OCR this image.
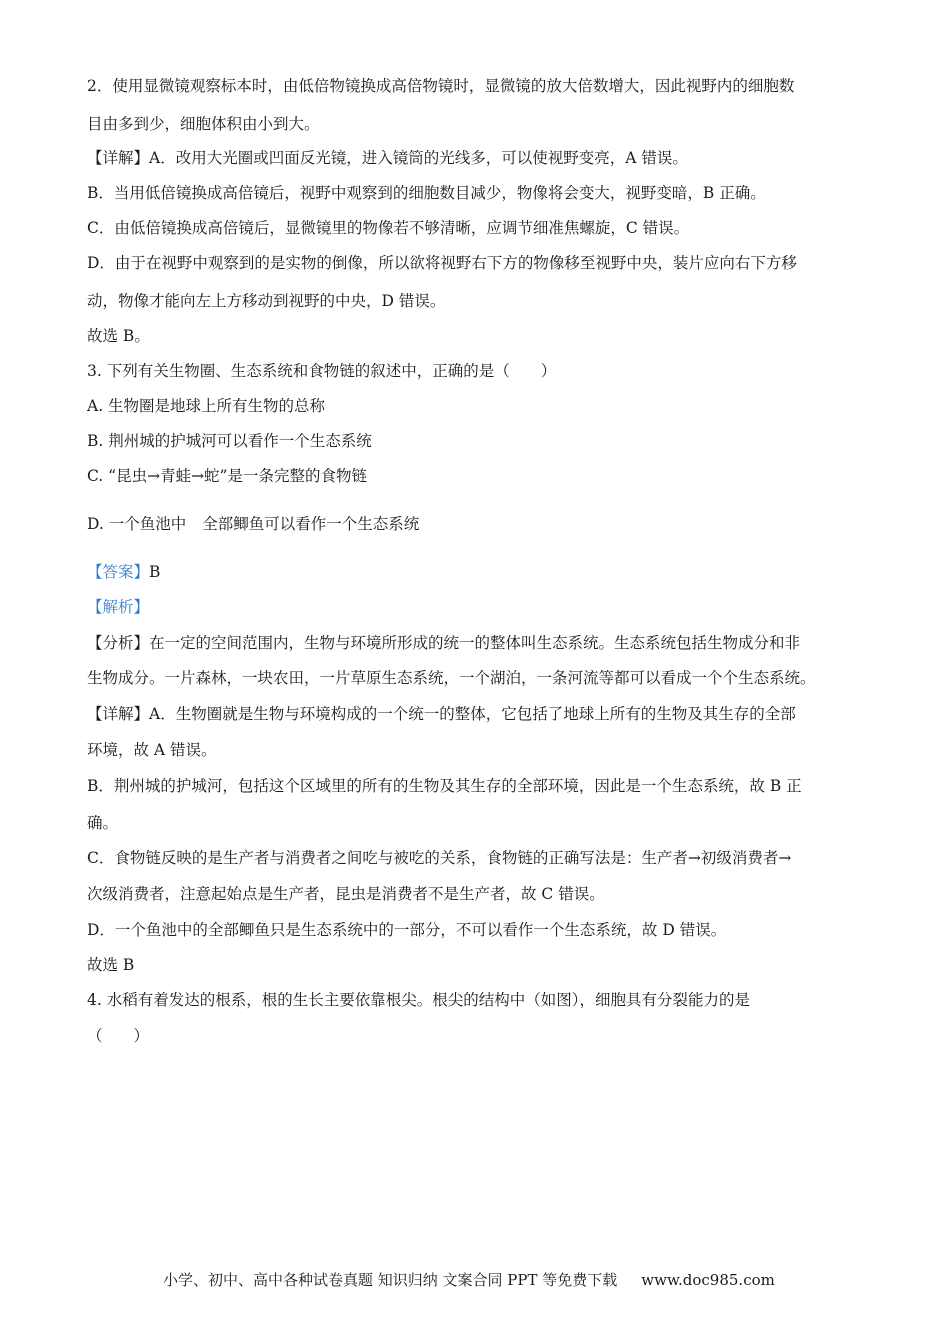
2．使用显微镜观察标本时，由低倍物镜换成高倍物镜时，显微镜的放大倍数增大，因此视野内的细胞数
目由多到少，细胞体积由小到大。
【详解】A．改用大光圈或凹面反光镜，进入镜筒的光线多，可以使视野变亮，A 错误。
B．当用低倍镜换成高倍镜后，视野中观察到的细胞数目减少，物像将会变大，视野变暗，B 正确。
C．由低倍镜换成高倍镜后，显微镜里的物像若不够清晰，应调节细准焦螺旋，C 错误。
D．由于在视野中观察到的是实物的倒像，所以欲将视野右下方的物像移至视野中央，装片应向右下方移
动，物像才能向左上方移动到视野的中央，D 错误。
故选 B。
3. 下列有关生物圈、生态系统和食物链的叙述中，正确的是（　　）
A. 生物圈是地球上所有生物的总称
B. 荆州城的护城河可以看作一个生态系统
C. “昆虫→青蛙→蛇”是一条完整的食物链
D. 一个鱼池中 全部鲫鱼可以看作一个生态系统
【答案】B
【解析】
【分析】在一定的空间范围内，生物与环境所形成的统一的整体叫生态系统。生态系统包括生物成分和非
生物成分。一片森林，一块农田，一片草原生态系统，一个湖泊，一条河流等都可以看成一个个生态系统。
【详解】A．生物圈就是生物与环境构成的一个统一的整体，它包括了地球上所有的生物及其生存的全部
环境，故 A 错误。
B．荆州城的护城河，包括这个区域里的所有的生物及其生存的全部环境，因此是一个生态系统，故 B 正
确。
C．食物链反映的是生产者与消费者之间吃与被吃的关系，食物链的正确写法是：生产者→初级消费者→
次级消费者，注意起始点是生产者，昆虫是消费者不是生产者，故 C 错误。
D．一个鱼池中的全部鲫鱼只是生态系统中的一部分，不可以看作一个生态系统，故 D 错误。
故选 B
4. 水稻有着发达的根系，根的生长主要依靠根尖。根尖的结构中（如图），细胞具有分裂能力的是
（　　）
小学、初中、高中各种试卷真题 知识归纳 文案合同 PPT 等免费下载 www.doc985.com
